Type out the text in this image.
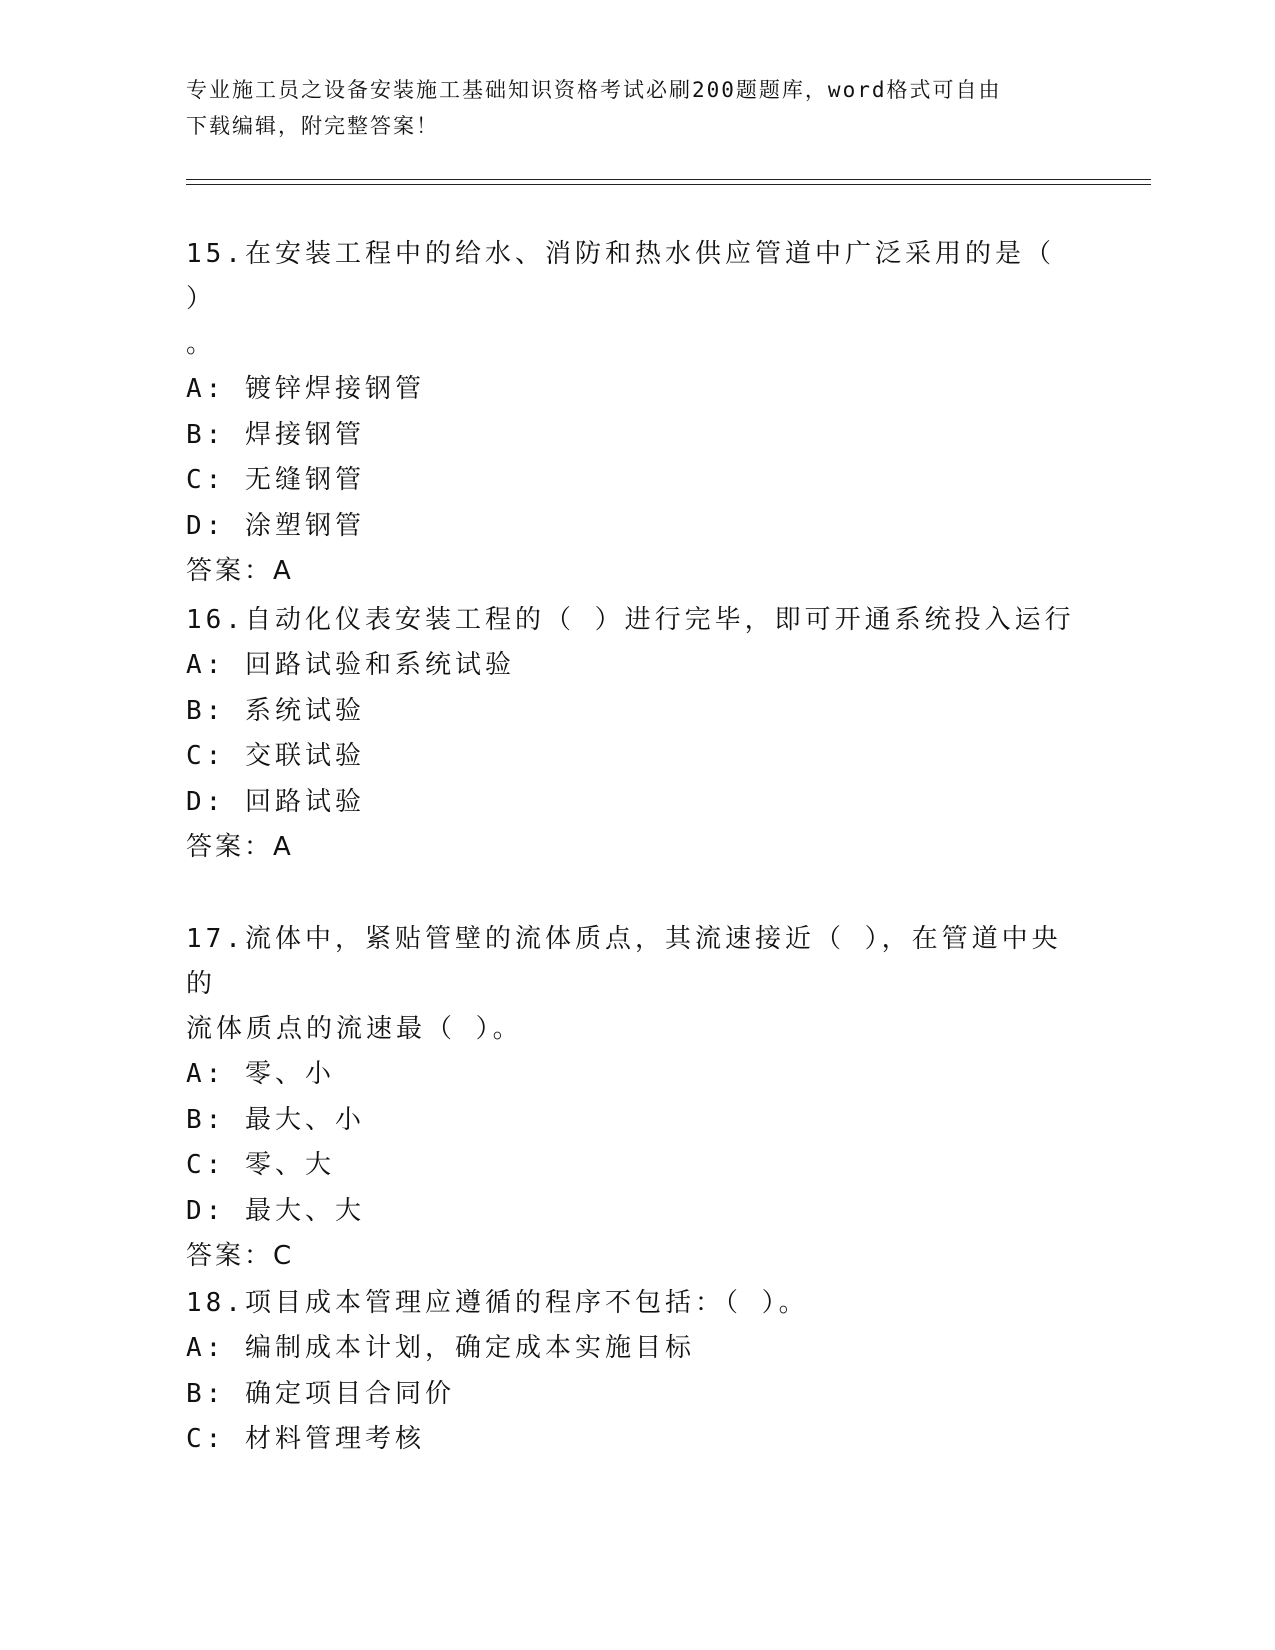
专业施工员之设备安装施工基础知识资格考试必刷200题题库，word格式可自由
下载编辑，附完整答案！

15.在安装工程中的给水、消防和热水供应管道中广泛采用的是（ ）

。

A: 镀锌焊接钢管

B: 焊接钢管

C: 无缝钢管

D: 涂塑钢管

答案：A

16.自动化仪表安装工程的（ ）进行完毕，即可开通系统投入运行

A: 回路试验和系统试验

B: 系统试验

C: 交联试验

D: 回路试验

答案：A

17.流体中，紧贴管壁的流体质点，其流速接近（ ），在管道中央的

流体质点的流速最（ ）。

A: 零、小

B: 最大、小

C: 零、大

D: 最大、大

答案：C

18.项目成本管理应遵循的程序不包括：（ ）。

A: 编制成本计划，确定成本实施目标

B: 确定项目合同价

C: 材料管理考核
